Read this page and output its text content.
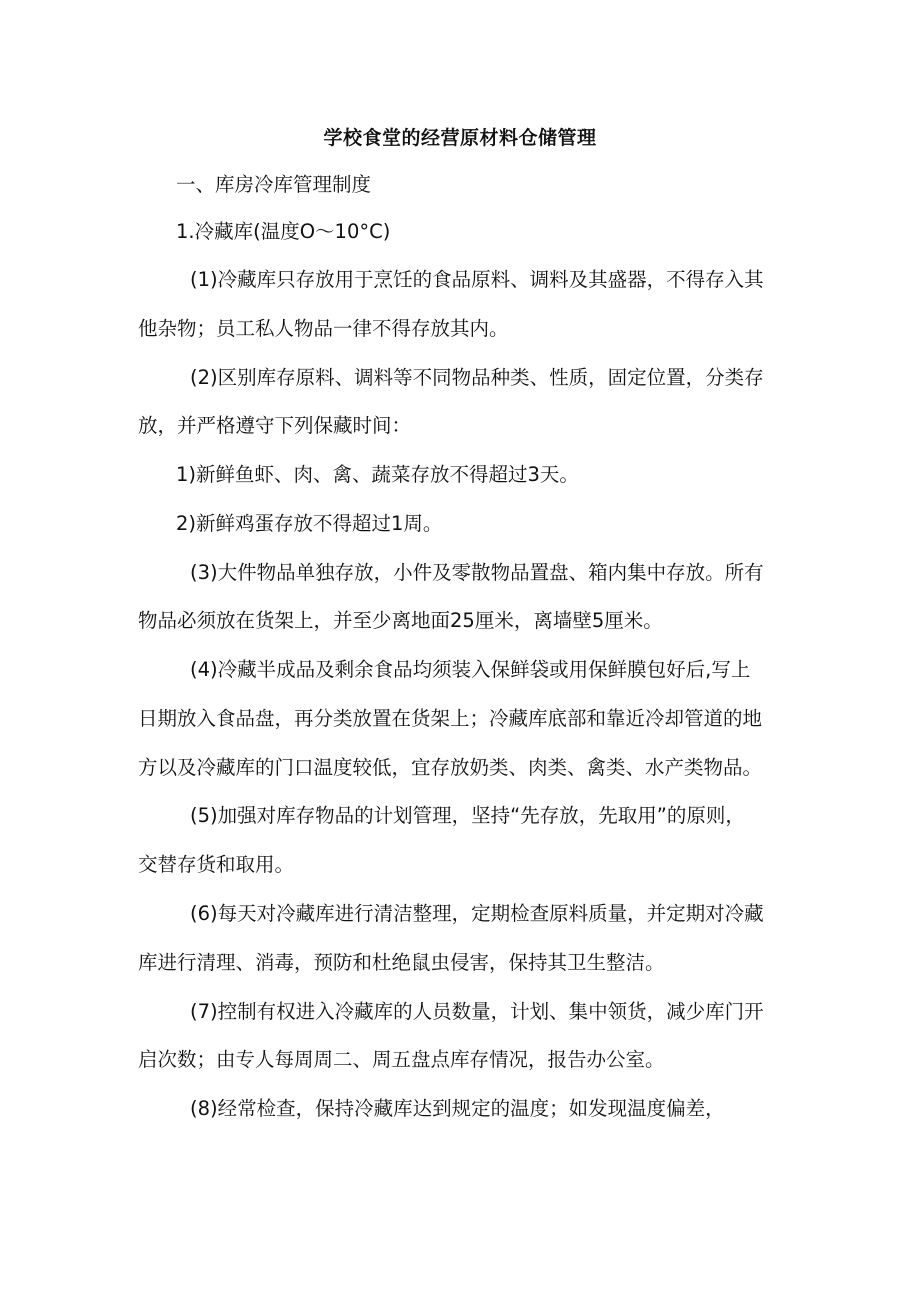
学校食堂的经营原材料仓储管理
一、库房冷库管理制度
1.冷藏库(温度O〜10°C)
(1)冷藏库只存放用于烹饪的食品原料、调料及其盛器，不得存入其
他杂物；员工私人物品一律不得存放其内。
(2)区别库存原料、调料等不同物品种类、性质，固定位置，分类存
放，并严格遵守下列保藏时间：
1)新鲜鱼虾、肉、禽、蔬菜存放不得超过3天。
2)新鲜鸡蛋存放不得超过1周。
(3)大件物品单独存放，小件及零散物品置盘、箱内集中存放。所有
物品必须放在货架上，并至少离地面25厘米，离墙壁5厘米。
(4)冷藏半成品及剩余食品均须装入保鲜袋或用保鲜膜包好后,写上
日期放入食品盘，再分类放置在货架上；冷藏库底部和靠近冷却管道的地
方以及冷藏库的门口温度较低，宜存放奶类、肉类、禽类、水产类物品。
(5)加强对库存物品的计划管理，坚持“先存放，先取用”的原则，
交替存货和取用。
(6)每天对冷藏库进行清洁整理，定期检查原料质量，并定期对冷藏
库进行清理、消毒，预防和杜绝鼠虫侵害，保持其卫生整洁。
(7)控制有权进入冷藏库的人员数量，计划、集中领货，减少库门开
启次数；由专人每周周二、周五盘点库存情况，报告办公室。
(8)经常检查，保持冷藏库达到规定的温度；如发现温度偏差，
